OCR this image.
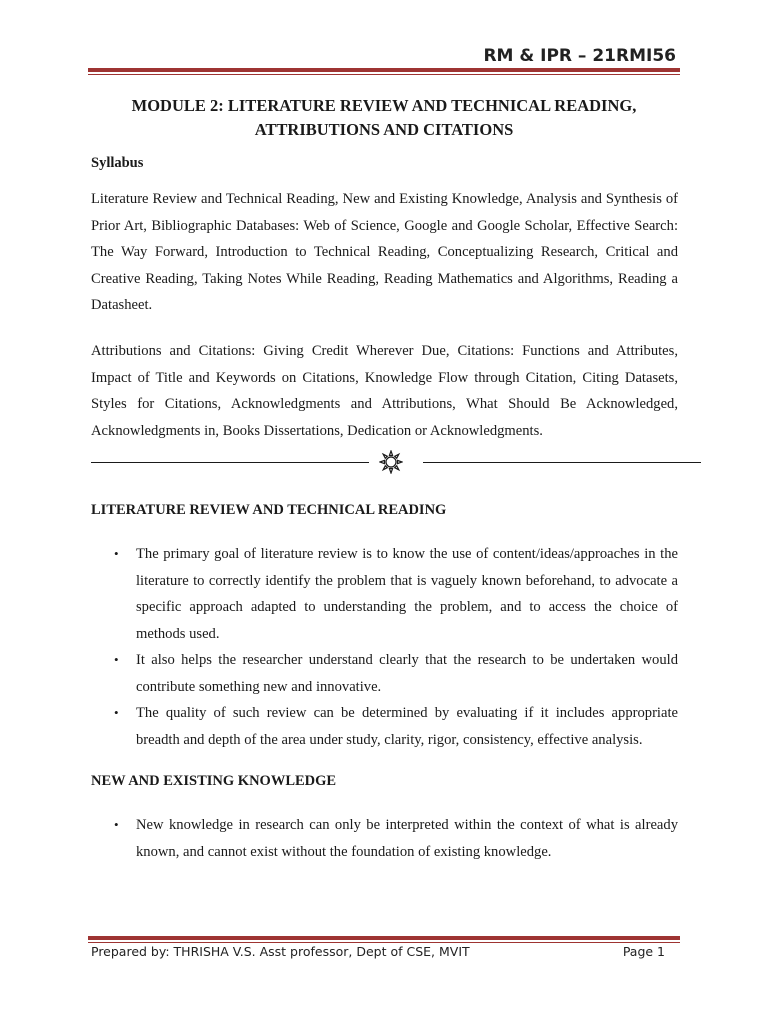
RM & IPR – 21RMI56
MODULE 2: LITERATURE REVIEW AND TECHNICAL READING,
ATTRIBUTIONS AND CITATIONS
Syllabus
Literature Review and Technical Reading, New and Existing Knowledge, Analysis and Synthesis of Prior Art, Bibliographic Databases: Web of Science, Google and Google Scholar, Effective Search: The Way Forward, Introduction to Technical Reading, Conceptualizing Research, Critical and Creative Reading, Taking Notes While Reading, Reading Mathematics and Algorithms, Reading a Datasheet.
Attributions and Citations: Giving Credit Wherever Due, Citations: Functions and Attributes, Impact of Title and Keywords on Citations, Knowledge Flow through Citation, Citing Datasets, Styles for Citations, Acknowledgments and Attributions, What Should Be Acknowledged, Acknowledgments in, Books Dissertations, Dedication or Acknowledgments.
LITERATURE REVIEW AND TECHNICAL READING
• The primary goal of literature review is to know the use of content/ideas/approaches in the literature to correctly identify the problem that is vaguely known beforehand, to advocate a specific approach adapted to understanding the problem, and to access the choice of methods used.
• It also helps the researcher understand clearly that the research to be undertaken would contribute something new and innovative.
• The quality of such review can be determined by evaluating if it includes appropriate breadth and depth of the area under study, clarity, rigor, consistency, effective analysis.
NEW AND EXISTING KNOWLEDGE
• New knowledge in research can only be interpreted within the context of what is already known, and cannot exist without the foundation of existing knowledge.
Prepared by: THRISHA V.S. Asst professor, Dept of CSE, MVIT	Page 1
